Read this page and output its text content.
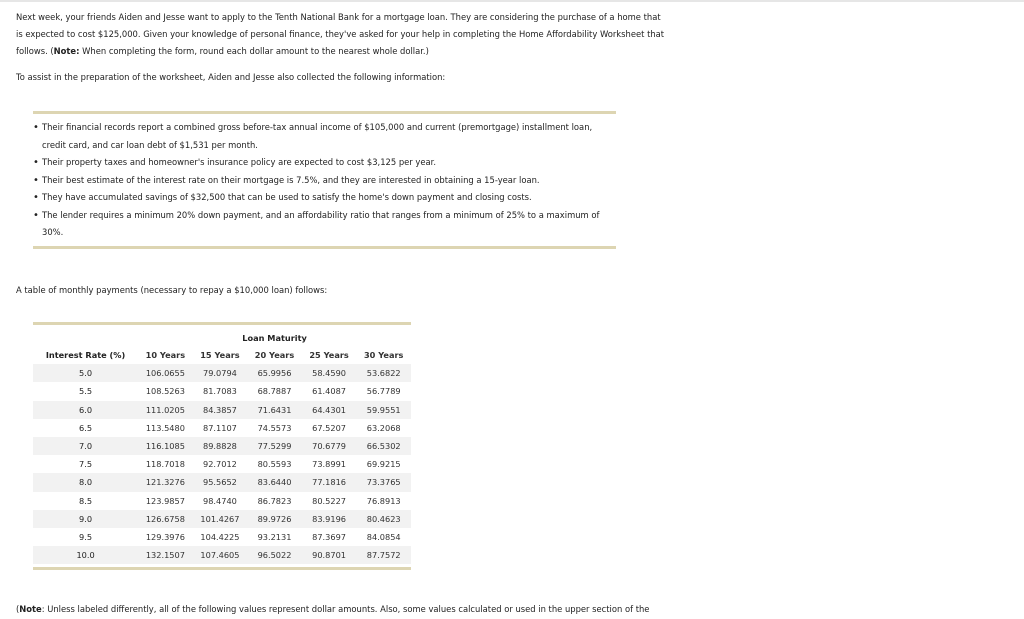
Next week, your friends Aiden and Jesse want to apply to the Tenth National Bank for a mortgage loan. They are considering the purchase of a home that is expected to cost $125,000. Given your knowledge of personal finance, they've asked for your help in completing the Home Affordability Worksheet that follows. (Note: When completing the form, round each dollar amount to the nearest whole dollar.)

To assist in the preparation of the worksheet, Aiden and Jesse also collected the following information:

• Their financial records report a combined gross before-tax annual income of $105,000 and current (premortgage) installment loan, credit card, and car loan debt of $1,531 per month.
• Their property taxes and homeowner's insurance policy are expected to cost $3,125 per year.
• Their best estimate of the interest rate on their mortgage is 7.5%, and they are interested in obtaining a 15-year loan.
• They have accumulated savings of $32,500 that can be used to satisfy the home's down payment and closing costs.
• The lender requires a minimum 20% down payment, and an affordability ratio that ranges from a minimum of 25% to a maximum of 30%.

A table of monthly payments (necessary to repay a $10,000 loan) follows:

	Loan Maturity				
Interest Rate (%)	10 Years	15 Years	20 Years	25 Years	30 Years
5.0	106.0655	79.0794	65.9956	58.4590	53.6822
5.5	108.5263	81.7083	68.7887	61.4087	56.7789
6.0	111.0205	84.3857	71.6431	64.4301	59.9551
6.5	113.5480	87.1107	74.5573	67.5207	63.2068
7.0	116.1085	89.8828	77.5299	70.6779	66.5302
7.5	118.7018	92.7012	80.5593	73.8991	69.9215
8.0	121.3276	95.5652	83.6440	77.1816	73.3765
8.5	123.9857	98.4740	86.7823	80.5227	76.8913
9.0	126.6758	101.4267	89.9726	83.9196	80.4623
9.5	129.3976	104.4225	93.2131	87.3697	84.0854
10.0	132.1507	107.4605	96.5022	90.8701	87.7572

(Note: Unless labeled differently, all of the following values represent dollar amounts. Also, some values calculated or used in the upper section of the
